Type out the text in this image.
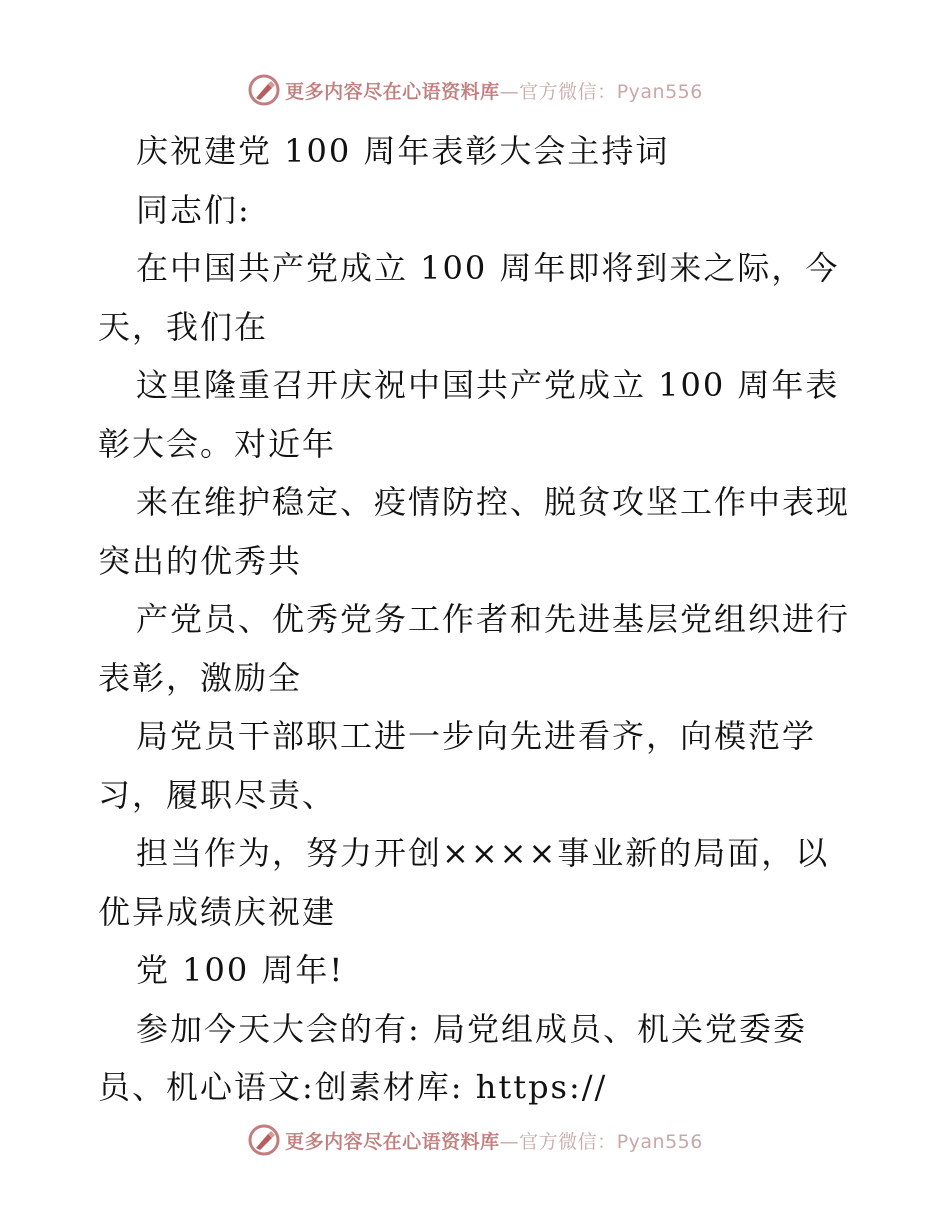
更多内容尽在心语资料库—官方微信：Pyan556
庆祝建党 100 周年表彰大会主持词
同志们:
在中国共产党成立 100 周年即将到来之际，今
天，我们在
这里隆重召开庆祝中国共产党成立 100 周年表
彰大会。对近年
来在维护稳定、疫情防控、脱贫攻坚工作中表现
突出的优秀共
产党员、优秀党务工作者和先进基层党组织进行
表彰，激励全
局党员干部职工进一步向先进看齐，向模范学
习，履职尽责、
担当作为，努力开创××××事业新的局面，以
优异成绩庆祝建
党 100 周年!
参加今天大会的有: 局党组成员、机关党委委
员、机心语文:创素材库: https://
更多内容尽在心语资料库—官方微信：Pyan556
